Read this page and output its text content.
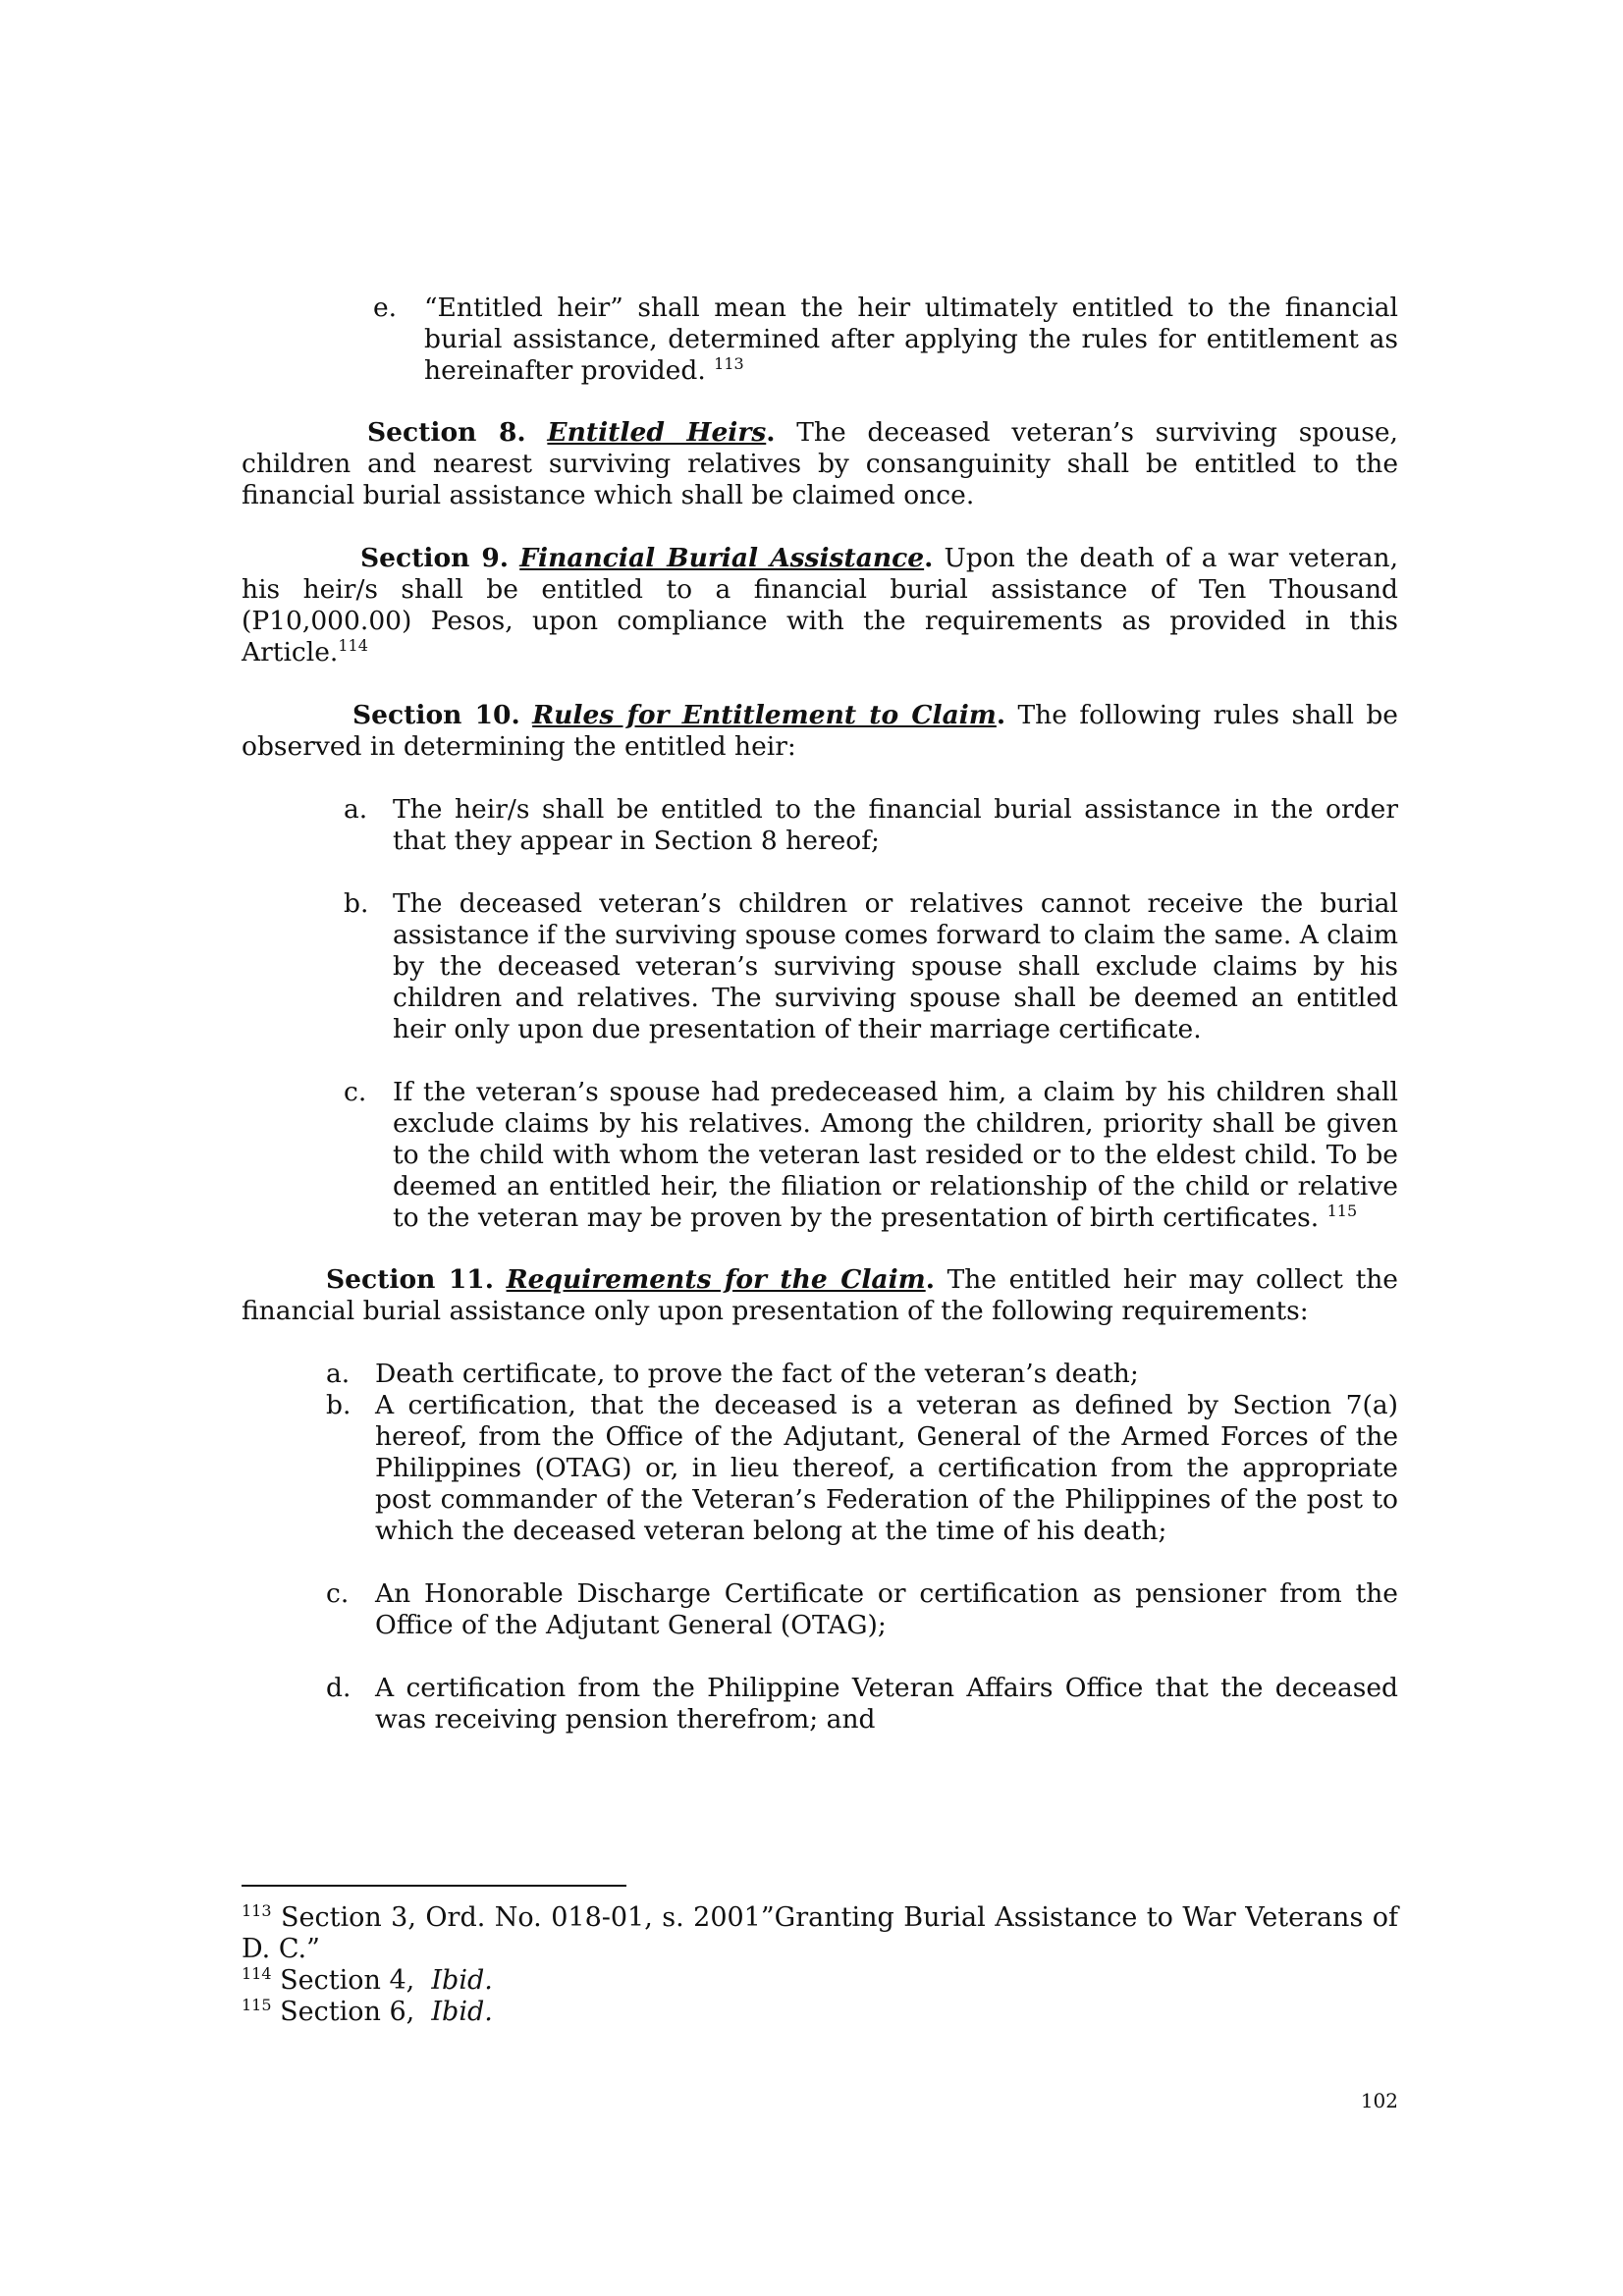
e. “Entitled heir” shall mean the heir ultimately entitled to the financial burial assistance, determined after applying the rules for entitlement as hereinafter provided. $^{113}$
Section 8. Entitled Heirs. The deceased veteran’s surviving spouse, children and nearest surviving relatives by consanguinity shall be entitled to the financial burial assistance which shall be claimed once.
Section 9. Financial Burial Assistance. Upon the death of a war veteran, his heir/s shall be entitled to a financial burial assistance of Ten Thousand (P10,000.00) Pesos, upon compliance with the requirements as provided in this Article.$^{114}$
Section 10. Rules for Entitlement to Claim. The following rules shall be observed in determining the entitled heir:
a. The heir/s shall be entitled to the financial burial assistance in the order that they appear in Section 8 hereof;
b. The deceased veteran’s children or relatives cannot receive the burial assistance if the surviving spouse comes forward to claim the same. A claim by the deceased veteran’s surviving spouse shall exclude claims by his children and relatives. The surviving spouse shall be deemed an entitled heir only upon due presentation of their marriage certificate.
c. If the veteran’s spouse had predeceased him, a claim by his children shall exclude claims by his relatives. Among the children, priority shall be given to the child with whom the veteran last resided or to the eldest child. To be deemed an entitled heir, the filiation or relationship of the child or relative to the veteran may be proven by the presentation of birth certificates. $^{115}$
Section 11. Requirements for the Claim. The entitled heir may collect the financial burial assistance only upon presentation of the following requirements:
a. Death certificate, to prove the fact of the veteran’s death;
b. A certification, that the deceased is a veteran as defined by Section 7(a) hereof, from the Office of the Adjutant, General of the Armed Forces of the Philippines (OTAG) or, in lieu thereof, a certification from the appropriate post commander of the Veteran’s Federation of the Philippines of the post to which the deceased veteran belong at the time of his death;
c. An Honorable Discharge Certificate or certification as pensioner from the Office of the Adjutant General (OTAG);
d. A certification from the Philippine Veteran Affairs Office that the deceased was receiving pension therefrom; and
$^{113}$ Section 3, Ord. No. 018-01, s. 2001”Granting Burial Assistance to War Veterans of D. C.”
$^{114}$ Section 4,  Ibid.
$^{115}$ Section 6,  Ibid.
102
